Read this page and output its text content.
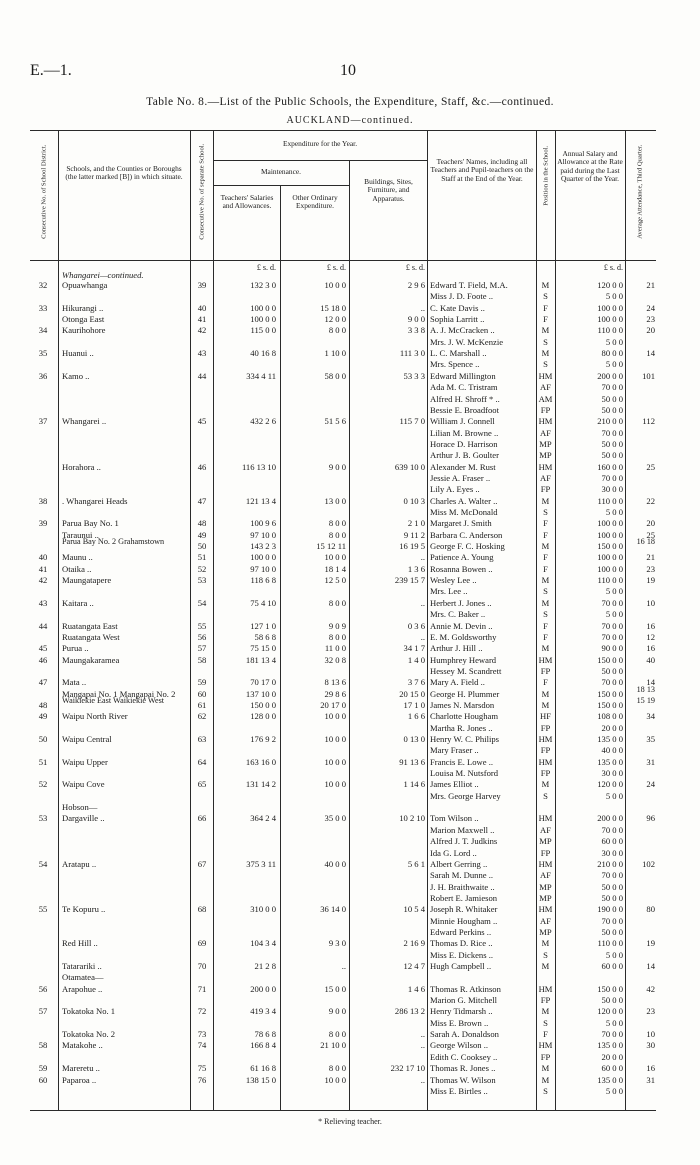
E.—1.	10
Table No. 8.—List of the Public Schools, the Expenditure, Staff, &c.—continued.
AUCKLAND—continued.
Consecutive No. of School District.	Schools, and the Counties or Boroughs (the latter marked [B]) in which situate.	Consecutive No. of separate School.
Expenditure for the Year.
Maintenance.
Teachers' Salaries and Allowances.
Other Ordinary Expenditure.
Buildings, Sites, Furniture, and Apparatus.
Teachers' Names, including all Teachers and Pupil-teachers on the Staff at the End of the Year.	Position in the School.	Annual Salary and Allowance at the Rate paid during the Last Quarter of the Year.	Average Attendance, Third Quarter.
£ s. d.	£ s. d.	£ s. d.	£ s. d.
Whangarei—continued.
32	Opuawhanga	39	132 3 0	10 0 0	2 9 6 Edward T. Field, M.A.	M	120 0 0	21
Miss J. D. Foote ..	S	5 0 0
33	Hikurangi ..	40	100 0 0	15 18 0	.. C. Kate Davis ..	F	100 0 0	24
Otonga East	41	100 0 0	12 0 0	9 0 0 Sophia Larritt ..	F	100 0 0	23
34	Kaurihohore	42	115 0 0	8 0 0	3 3 8 A. J. McCracken ..	M	110 0 0	20
Mrs. J. W. McKenzie	S	5 0 0
35	Huanui ..	43	40 16 8	1 10 0	111 3 0 L. C. Marshall ..	M	80 0 0	14
Mrs. Spence ..	S	5 0 0
36	Kamo ..	44	334 4 11	58 0 0	53 3 3 Edward Millington	HM	200 0 0	101
Ada M. C. Tristram	AF	70 0 0
Alfred H. Shroff * ..	AM	50 0 0
Bessie E. Broadfoot	FP	50 0 0
37	Whangarei ..	45	432 2 6	51 5 6	115 7 0 William J. Connell	HM	210 0 0	112
Lilian M. Browne ..	AF	70 0 0
Horace D. Harrison	MP	50 0 0
Arthur J. B. Goulter	MP	50 0 0
Horahora ..	46	116 13 10	9 0 0	639 10 0 Alexander M. Rust	HM	160 0 0	25
Jessie A. Fraser ..	AF	70 0 0
Lily A. Eyes ..	FP	30 0 0
38	. Whangarei Heads	47	121 13 4	13 0 0	0 10 3 Charles A. Walter ..	M	110 0 0	22
Miss M. McDonald	S	5 0 0
39	Parua Bay No. 1	48	100 9 6	8 0 0	2 1 0 Margaret J. Smith	F	100 0 0	20
Taraunui ..	49	97 10 0	8 0 0	9 11 2 Barbara C. Anderson	F	100 0 0	25
Parua Bay No. 2 Grahamstown	50	143 2 3	15 12 11	16 19 5 George F. C. Hosking	M	150 0 0	16 18
40	Maunu ..	51	100 0 0	10 0 0	.. Patience A. Young	F	100 0 0	21
41	Otaika ..	52	97 10 0	18 1 4	1 3 6 Rosanna Bowen ..	F	100 0 0	23
42	Maungatapere	53	118 6 8	12 5 0	239 15 7 Wesley Lee ..	M	110 0 0	19
Mrs. Lee ..	S	5 0 0
43	Kaitara ..	54	75 4 10	8 0 0	.. Herbert J. Jones ..	M	70 0 0	10
Mrs. C. Baker ..	S	5 0 0
44	Ruatangata East	55	127 1 0	9 0 9	0 3 6 Annie M. Devin ..	F	70 0 0	16
Ruatangata West	56	58 6 8	8 0 0	.. E. M. Goldsworthy	F	70 0 0	12
45	Purua ..	57	75 15 0	11 0 0	34 1 7 Arthur J. Hill ..	M	90 0 0	16
46	Maungakaramea	58	181 13 4	32 0 8	1 4 0 Humphrey Heward	HM	150 0 0	40
Hessey M. Scandrett	FP	50 0 0
47	Mata ..	59	70 17 0	8 13 6	3 7 6 Mary A. Field ..	F	70 0 0	14
Mangapai No. 1 Mangapai No. 2	60	137 10 0	29 8 6	20 15 0 George H. Plummer	M	150 0 0	18 13
48	Waikiekie East Waikiekie West	61	150 0 0	20 17 0	17 1 0 James N. Marsdon	M	150 0 0	15 19
49	Waipu North River	62	128 0 0	10 0 0	1 6 6 Charlotte Hougham	HF	108 0 0	34
Martha R. Jones ..	FP	20 0 0
50	Waipu Central	63	176 9 2	10 0 0	0 13 0 Henry W. C. Philips	HM	135 0 0	35
Mary Fraser ..	FP	40 0 0
51	Waipu Upper	64	163 16 0	10 0 0	91 13 6 Francis E. Lowe ..	HM	135 0 0	31
Louisa M. Nutsford	FP	30 0 0
52	Waipu Cove	65	131 14 2	10 0 0	1 14 6 James Elliot ..	M	120 0 0	24
Mrs. George Harvey	S	5 0 0
Hobson—
53	Dargaville ..	66	364 2 4	35 0 0	10 2 10 Tom Wilson ..	HM	200 0 0	96
Marion Maxwell ..	AF	70 0 0
Alfred J. T. Judkins	MP	60 0 0
Ida G. Lord ..	FP	30 0 0
54	Aratapu ..	67	375 3 11	40 0 0	5 6 1 Albert Gerring ..	HM	210 0 0	102
Sarah M. Dunne ..	AF	70 0 0
J. H. Braithwaite ..	MP	50 0 0
Robert E. Jamieson	MP	50 0 0
55	Te Kopuru ..	68	310 0 0	36 14 0	10 5 4 Joseph R. Whitaker	HM	190 0 0	80
Minnie Hougham ..	AF	70 0 0
Edward Perkins ..	MP	50 0 0
Red Hill ..	69	104 3 4	9 3 0	2 16 9 Thomas D. Rice ..	M	110 0 0	19
Miss E. Dickens ..	S	5 0 0
Tatarariki ..	70	21 2 8	..	12 4 7 Hugh Campbell ..	M	60 0 0	14
Otamatea—
56	Arapohue ..	71	200 0 0	15 0 0	1 4 6 Thomas R. Atkinson	HM	150 0 0	42
Marion G. Mitchell	FP	50 0 0
57	Tokatoka No. 1	72	419 3 4	9 0 0	286 13 2 Henry Tidmarsh ..	M	120 0 0	23
Miss E. Brown ..	S	5 0 0
Tokatoka No. 2	73	78 6 8	8 0 0	.. Sarah A. Donaldson	F	70 0 0	10
58	Matakohe ..	74	166 8 4	21 10 0	.. George Wilson ..	HM	135 0 0	30
Edith C. Cooksey ..	FP	20 0 0
59	Mareretu ..	75	61 16 8	8 0 0	232 17 10 Thomas R. Jones ..	M	60 0 0	16
60	Paparoa ..	76	138 15 0	10 0 0	.. Thomas W. Wilson	M	135 0 0	31
Miss E. Birtles ..	S	5 0 0
* Relieving teacher.
